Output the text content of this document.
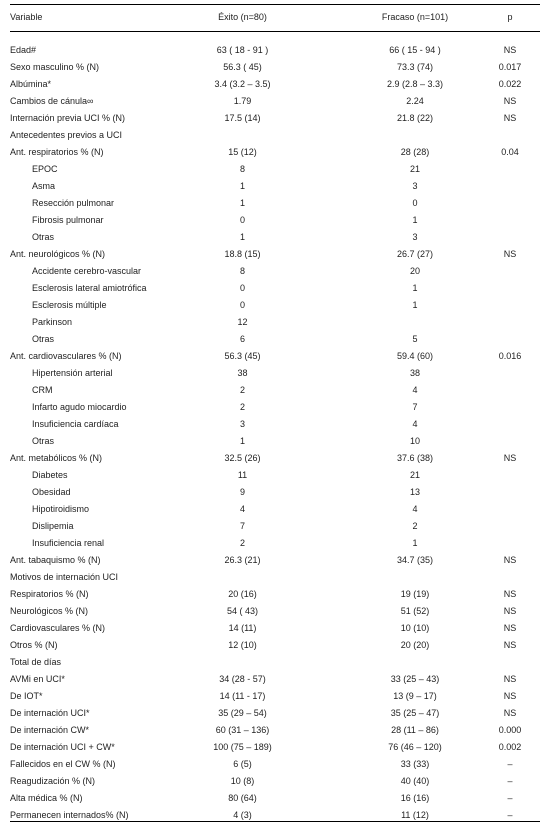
Variable	Éxito (n=80)	Fracaso (n=101)	p
Edad#	63 ( 18 - 91 )		66 ( 15 - 94 )		NS
Sexo masculino % (N)	56.3 ( 45)		73.3 (74)		0.017
Albúmina*	3.4 (3.2 – 3.5)		2.9 (2.8 – 3.3)		0.022
Cambios de cánula∞	1.79		2.24		NS
Internación previa UCI % (N)	17.5 (14)		21.8 (22)		NS
Antecedentes previos a UCI					
Ant. respiratorios % (N)	15 (12)		28 (28)		0.04
EPOC	8		21		
Asma	1		3		
Resección pulmonar	1		0		
Fibrosis pulmonar	0		1		
Otras	1		3		
Ant. neurológicos % (N)	18.8 (15)		26.7 (27)		NS
Accidente cerebro-vascular	8		20		
Esclerosis lateral amiotrófica	0		1		
Esclerosis múltiple	0		1		
Parkinson	12				
Otras	6		5		
Ant. cardiovasculares % (N)	56.3 (45)		59.4 (60)		0.016
Hipertensión arterial	38		38		
CRM	2		4		
Infarto agudo miocardio	2		7		
Insuficiencia cardíaca	3		4		
Otras	1		10		
Ant. metabólicos % (N)	32.5 (26)		37.6 (38)		NS
Diabetes	11		21		
Obesidad	9		13		
Hipotiroidismo	4		4		
Dislipemia	7		2		
Insuficiencia renal	2		1		
Ant. tabaquismo % (N)	26.3 (21)		34.7 (35)		NS
Motivos de internación UCI					
Respiratorios % (N)	20 (16)		19 (19)		NS
Neurológicos % (N)	54 ( 43)		51 (52)		NS
Cardiovasculares % (N)	14 (11)		10 (10)		NS
Otros % (N)	12 (10)		20 (20)		NS
Total de días					
AVMi en UCI*	34 (28 - 57)		33 (25 – 43)		NS
De IOT*	14 (11 - 17)		13 (9 – 17)		NS
De internación UCI*	35 (29 – 54)		35 (25 – 47)		NS
De internación CW*	60 (31 – 136)		28 (11 – 86)		0.000
De internación UCI + CW*	100 (75 – 189)		76 (46 – 120)		0.002
Fallecidos en el CW % (N)	6 (5)		33 (33)		–
Reagudización % (N)	10 (8)		40 (40)		–
Alta médica % (N)	80 (64)		16 (16)		–
Permanecen internados% (N)	4 (3)		11 (12)		–
